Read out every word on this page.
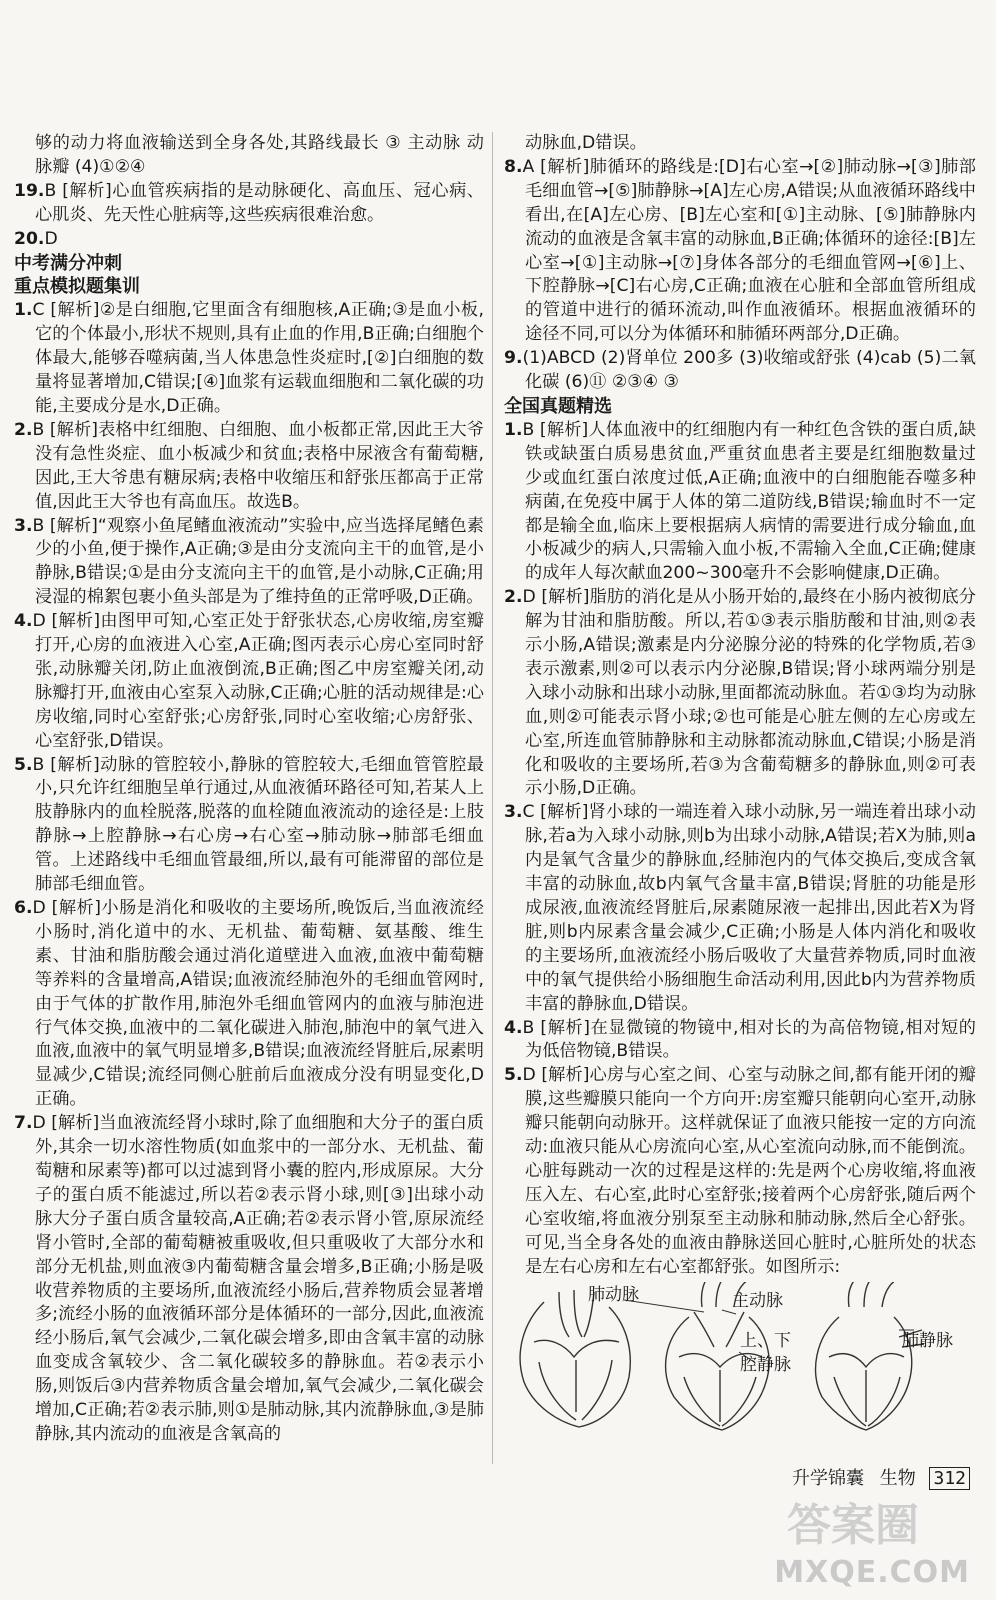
够的动力将血液输送到全身各处,其路线最长 ③ 主动脉 动脉瓣 (4)①②④

19.B [解析]心血管疾病指的是动脉硬化、高血压、冠心病、心肌炎、先天性心脏病等,这些疾病很难治愈。

20.D

中考满分冲刺

重点模拟题集训

1.C [解析]②是白细胞,它里面含有细胞核,A正确;③是血小板,它的个体最小,形状不规则,具有止血的作用,B正确;白细胞个体最大,能够吞噬病菌,当人体患急性炎症时,[②]白细胞的数量将显著增加,C错误;[④]血浆有运载血细胞和二氧化碳的功能,主要成分是水,D正确。

2.B [解析]表格中红细胞、白细胞、血小板都正常,因此王大爷没有急性炎症、血小板减少和贫血;表格中尿液含有葡萄糖,因此,王大爷患有糖尿病;表格中收缩压和舒张压都高于正常值,因此王大爷也有高血压。故选B。

3.B [解析]“观察小鱼尾鳍血液流动”实验中,应当选择尾鳍色素少的小鱼,便于操作,A正确;③是由分支流向主干的血管,是小静脉,B错误;①是由分支流向主干的血管,是小动脉,C正确;用浸湿的棉絮包裹小鱼头部是为了维持鱼的正常呼吸,D正确。

4.D [解析]由图甲可知,心室正处于舒张状态,心房收缩,房室瓣打开,心房的血液进入心室,A正确;图丙表示心房心室同时舒张,动脉瓣关闭,防止血液倒流,B正确;图乙中房室瓣关闭,动脉瓣打开,血液由心室泵入动脉,C正确;心脏的活动规律是:心房收缩,同时心室舒张;心房舒张,同时心室收缩;心房舒张、心室舒张,D错误。

5.B [解析]动脉的管腔较小,静脉的管腔较大,毛细血管管腔最小,只允许红细胞呈单行通过,从血液循环路径可知,若某人上肢静脉内的血栓脱落,脱落的血栓随血液流动的途径是:上肢静脉→上腔静脉→右心房→右心室→肺动脉→肺部毛细血管。上述路线中毛细血管最细,所以,最有可能滞留的部位是肺部毛细血管。

6.D [解析]小肠是消化和吸收的主要场所,晚饭后,当血液流经小肠时,消化道中的水、无机盐、葡萄糖、氨基酸、维生素、甘油和脂肪酸会通过消化道壁进入血液,血液中葡萄糖等养料的含量增高,A错误;血液流经肺泡外的毛细血管网时,由于气体的扩散作用,肺泡外毛细血管网内的血液与肺泡进行气体交换,血液中的二氧化碳进入肺泡,肺泡中的氧气进入血液,血液中的氧气明显增多,B错误;血液流经肾脏后,尿素明显减少,C错误;流经同侧心脏前后血液成分没有明显变化,D正确。

7.D [解析]当血液流经肾小球时,除了血细胞和大分子的蛋白质外,其余一切水溶性物质(如血浆中的一部分水、无机盐、葡萄糖和尿素等)都可以过滤到肾小囊的腔内,形成原尿。大分子的蛋白质不能滤过,所以若②表示肾小球,则[③]出球小动脉大分子蛋白质含量较高,A正确;若②表示肾小管,原尿流经肾小管时,全部的葡萄糖被重吸收,但只重吸收了大部分水和部分无机盐,则血液③内葡萄糖含量会增多,B正确;小肠是吸收营养物质的主要场所,血液流经小肠后,营养物质会显著增多;流经小肠的血液循环部分是体循环的一部分,因此,血液流经小肠后,氧气会减少,二氧化碳会增多,即由含氧丰富的动脉血变成含氧较少、含二氧化碳较多的静脉血。若②表示小肠,则饭后③内营养物质含量会增加,氧气会减少,二氧化碳会增加,C正确;若②表示肺,则①是肺动脉,其内流静脉血,③是肺静脉,其内流动的血液是含氧高的

动脉血,D错误。

8.A [解析]肺循环的路线是:[D]右心室→[②]肺动脉→[③]肺部毛细血管→[⑤]肺静脉→[A]左心房,A错误;从血液循环路线中看出,在[A]左心房、[B]左心室和[①]主动脉、[⑤]肺静脉内流动的血液是含氧丰富的动脉血,B正确;体循环的途径:[B]左心室→[①]主动脉→[⑦]身体各部分的毛细血管网→[⑥]上、下腔静脉→[C]右心房,C正确;血液在心脏和全部血管所组成的管道中进行的循环流动,叫作血液循环。根据血液循环的途径不同,可以分为体循环和肺循环两部分,D正确。

9.(1)ABCD (2)肾单位 200多 (3)收缩或舒张 (4)cab (5)二氧化碳 (6)⑪ ②③④ ③

全国真题精选

1.B [解析]人体血液中的红细胞内有一种红色含铁的蛋白质,缺铁或缺蛋白质易患贫血,严重贫血患者主要是红细胞数量过少或血红蛋白浓度过低,A正确;血液中的白细胞能吞噬多种病菌,在免疫中属于人体的第二道防线,B错误;输血时不一定都是输全血,临床上要根据病人病情的需要进行成分输血,血小板减少的病人,只需输入血小板,不需输入全血,C正确;健康的成年人每次献血200~300毫升不会影响健康,D正确。

2.D [解析]脂肪的消化是从小肠开始的,最终在小肠内被彻底分解为甘油和脂肪酸。所以,若①③表示脂肪酸和甘油,则②表示小肠,A错误;激素是内分泌腺分泌的特殊的化学物质,若③表示激素,则②可以表示内分泌腺,B错误;肾小球两端分别是入球小动脉和出球小动脉,里面都流动脉血。若①③均为动脉血,则②可能表示肾小球;②也可能是心脏左侧的左心房或左心室,所连血管肺静脉和主动脉都流动脉血,C错误;小肠是消化和吸收的主要场所,若③为含葡萄糖多的静脉血,则②可表示小肠,D正确。

3.C [解析]肾小球的一端连着入球小动脉,另一端连着出球小动脉,若a为入球小动脉,则b为出球小动脉,A错误;若X为肺,则a内是氧气含量少的静脉血,经肺泡内的气体交换后,变成含氧丰富的动脉血,故b内氧气含量丰富,B错误;肾脏的功能是形成尿液,血液流经肾脏后,尿素随尿液一起排出,因此若X为肾脏,则b内尿素含量会减少,C正确;小肠是人体内消化和吸收的主要场所,血液流经小肠后吸收了大量营养物质,同时血液中的氧气提供给小肠细胞生命活动利用,因此b内为营养物质丰富的静脉血,D错误。

4.B [解析]在显微镜的物镜中,相对长的为高倍物镜,相对短的为低倍物镜,B错误。

5.D [解析]心房与心室之间、心室与动脉之间,都有能开闭的瓣膜,这些瓣膜只能向一个方向开:房室瓣只能朝向心室开,动脉瓣只能朝向动脉开。这样就保证了血液只能按一定的方向流动:血液只能从心房流向心室,从心室流向动脉,而不能倒流。心脏每跳动一次的过程是这样的:先是两个心房收缩,将血液压入左、右心室,此时心室舒张;接着两个心房舒张,随后两个心室收缩,将血液分别泵至主动脉和肺动脉,然后全心舒张。可见,当全身各处的血液由静脉送回心脏时,心脏所处的状态是左右心房和左右心室都舒张。如图所示:

肺动脉	主动脉
上、下
腔静脉
肺静脉
升学锦囊 生物 312
答案圈
MXQE.COM
